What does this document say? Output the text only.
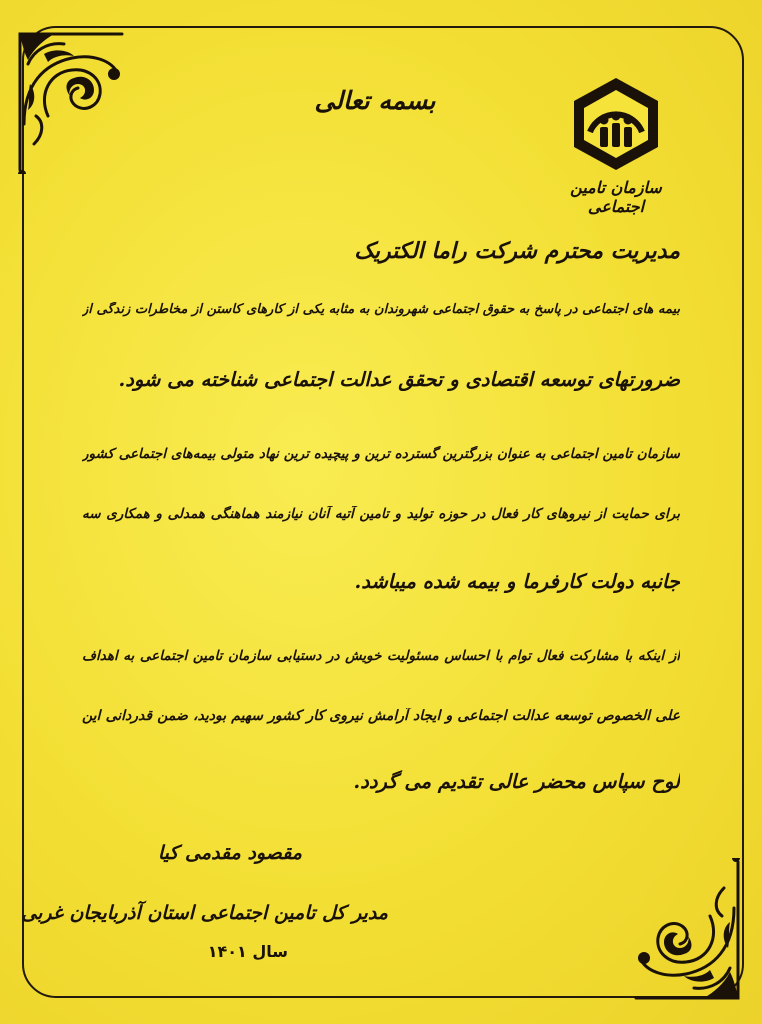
بسمه تعالی
سازمان تامین اجتماعی
مدیریت محترم شرکت راما الکتریک
بیمه های اجتماعی در پاسخ به حقوق اجتماعی شهروندان به مثابه یکی از کارهای کاستن از مخاطرات زندگی از
ضرورتهای توسعه اقتصادی و تحقق عدالت اجتماعی شناخته می شود.
سازمان تامین اجتماعی به عنوان بزرگترین گسترده ترین و پیچیده ترین نهاد متولی بیمه‌های اجتماعی کشور
برای حمایت از نیروهای کار فعال در حوزه تولید و تامین آتیه آنان نیازمند هماهنگی همدلی و همکاری سه
جانبه دولت کارفرما و بیمه شده میباشد.
از اینکه با مشارکت فعال توام با احساس مسئولیت خویش در دستیابی سازمان تامین اجتماعی به اهداف
علی الخصوص توسعه عدالت اجتماعی و ایجاد آرامش نیروی کار کشور سهیم بودید، ضمن قدردانی این
لوح سپاس محضر عالی تقدیم می گردد.
مقصود مقدمی کیا
مدیر کل تامین اجتماعی استان آذربایجان غربی
سال ۱۴۰۱
